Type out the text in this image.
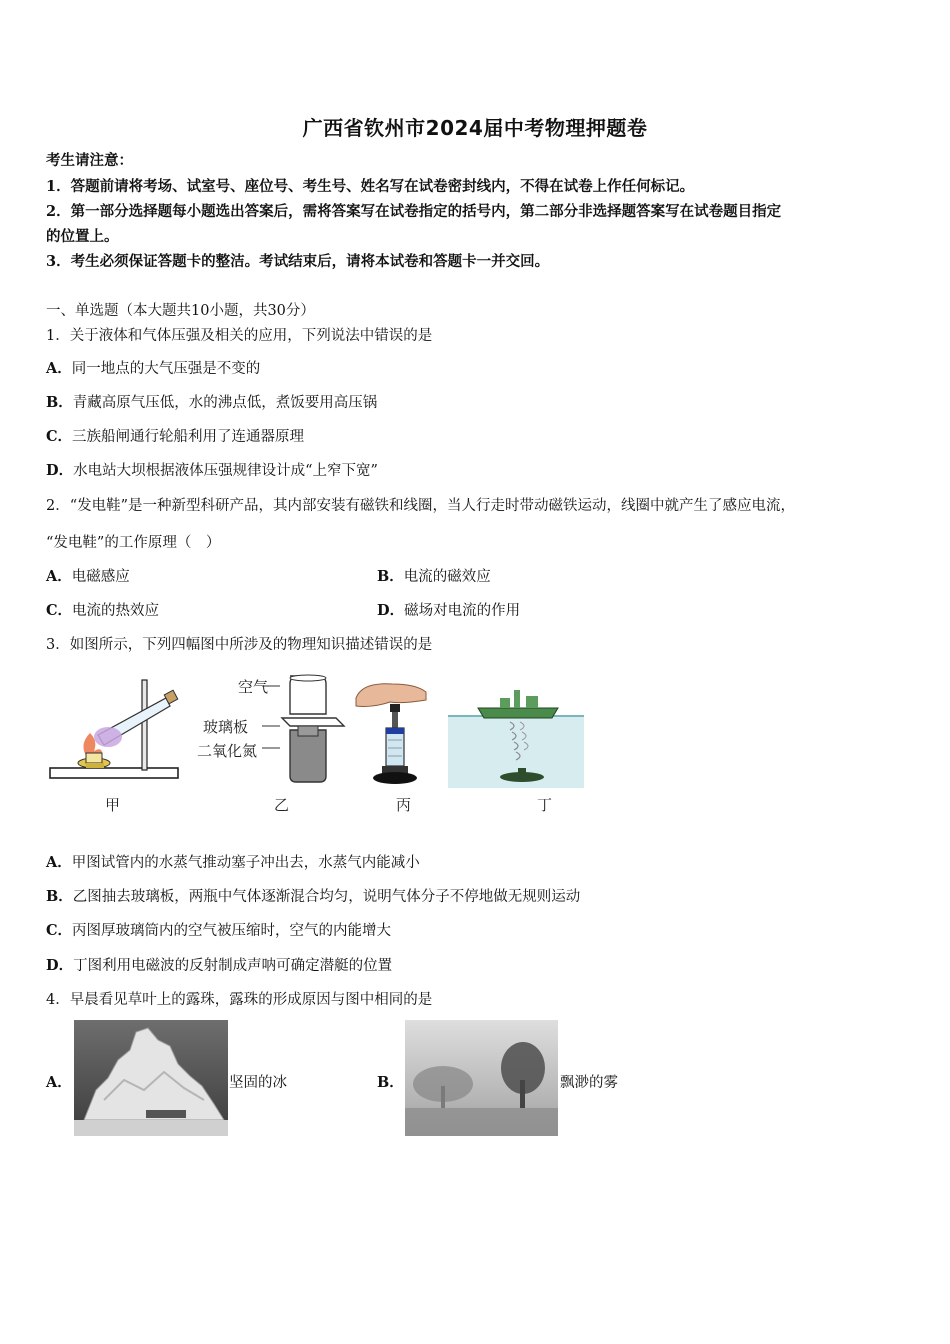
广西省钦州市2024届中考物理押题卷
考生请注意：
1．答题前请将考场、试室号、座位号、考生号、姓名写在试卷密封线内，不得在试卷上作任何标记。
2．第一部分选择题每小题选出答案后，需将答案写在试卷指定的括号内，第二部分非选择题答案写在试卷题目指定
的位置上。
3．考生必须保证答题卡的整洁。考试结束后，请将本试卷和答题卡一并交回。
一、单选题（本大题共10小题，共30分）
1．关于液体和气体压强及相关的应用，下列说法中错误的是
A．同一地点的大气压强是不变的
B．青藏高原气压低，水的沸点低，煮饭要用高压锅
C．三族船闸通行轮船利用了连通器原理
D．水电站大坝根据液体压强规律设计成“上窄下宽”
2．“发电鞋”是一种新型科研产品，其内部安装有磁铁和线圈，当人行走时带动磁铁运动，线圈中就产生了感应电流，
“发电鞋”的工作原理（　）
A．电磁感应	B．电流的磁效应
C．电流的热效应	D．磁场对电流的作用
3．如图所示，下列四幅图中所涉及的物理知识描述错误的是
甲
空气
玻璃板
二氧化氮
乙	丙	丁
A．甲图试管内的水蒸气推动塞子冲出去，水蒸气内能减小
B．乙图抽去玻璃板，两瓶中气体逐渐混合均匀，说明气体分子不停地做无规则运动
C．丙图厚玻璃筒内的空气被压缩时，空气的内能增大
D．丁图利用电磁波的反射制成声呐可确定潜艇的位置
4．早晨看见草叶上的露珠，露珠的形成原因与图中相同的是
A．	坚固的冰	B．	飘渺的雾
